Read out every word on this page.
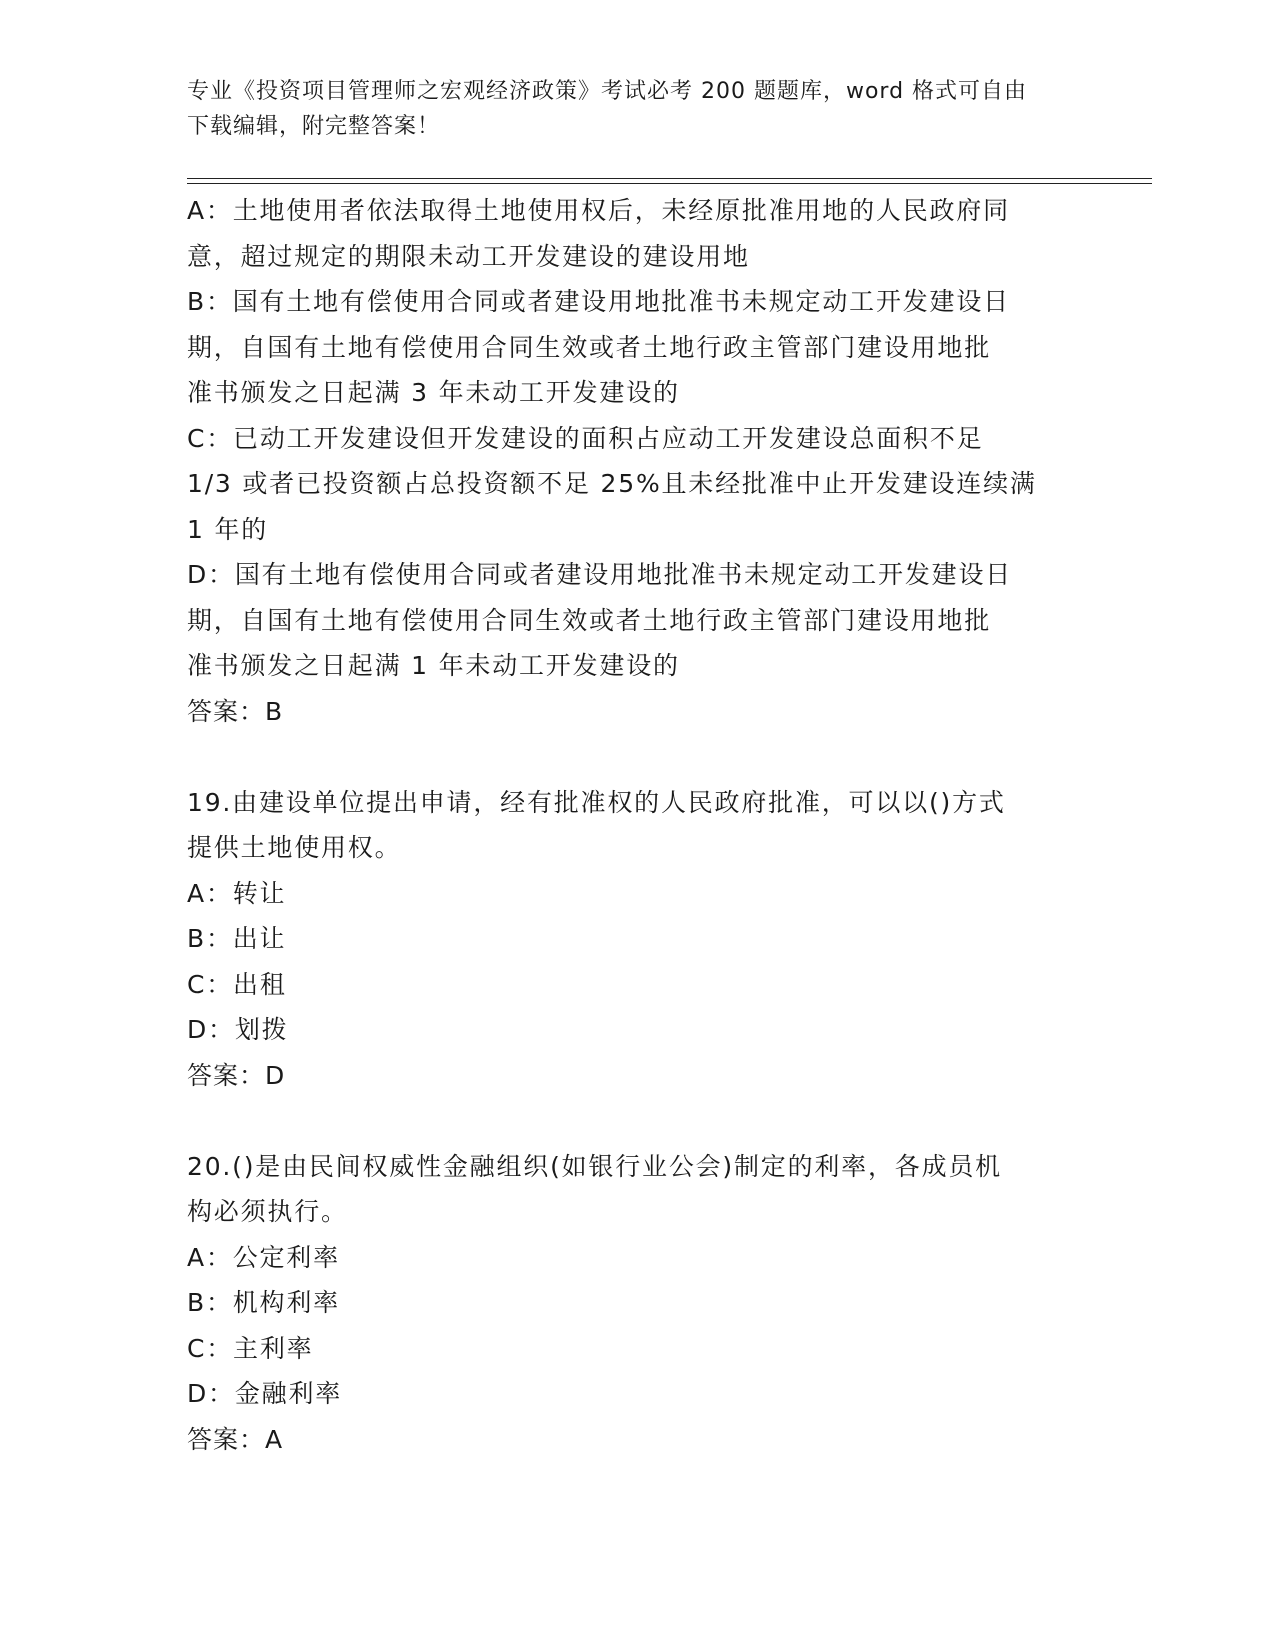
专业《投资项目管理师之宏观经济政策》考试必考 200 题题库，word 格式可自由
下载编辑，附完整答案！
A：土地使用者依法取得土地使用权后，未经原批准用地的人民政府同
意，超过规定的期限未动工开发建设的建设用地
B：国有土地有偿使用合同或者建设用地批准书未规定动工开发建设日
期，自国有土地有偿使用合同生效或者土地行政主管部门建设用地批
准书颁发之日起满 3 年未动工开发建设的
C：已动工开发建设但开发建设的面积占应动工开发建设总面积不足
1/3 或者已投资额占总投资额不足 25%且未经批准中止开发建设连续满
1 年的
D：国有土地有偿使用合同或者建设用地批准书未规定动工开发建设日
期，自国有土地有偿使用合同生效或者土地行政主管部门建设用地批
准书颁发之日起满 1 年未动工开发建设的
答案：B
19.由建设单位提出申请，经有批准权的人民政府批准，可以以()方式
提供土地使用权。
A：转让
B：出让
C：出租
D：划拨
答案：D
20.()是由民间权威性金融组织(如银行业公会)制定的利率，各成员机
构必须执行。
A：公定利率
B：机构利率
C：主利率
D：金融利率
答案：A
